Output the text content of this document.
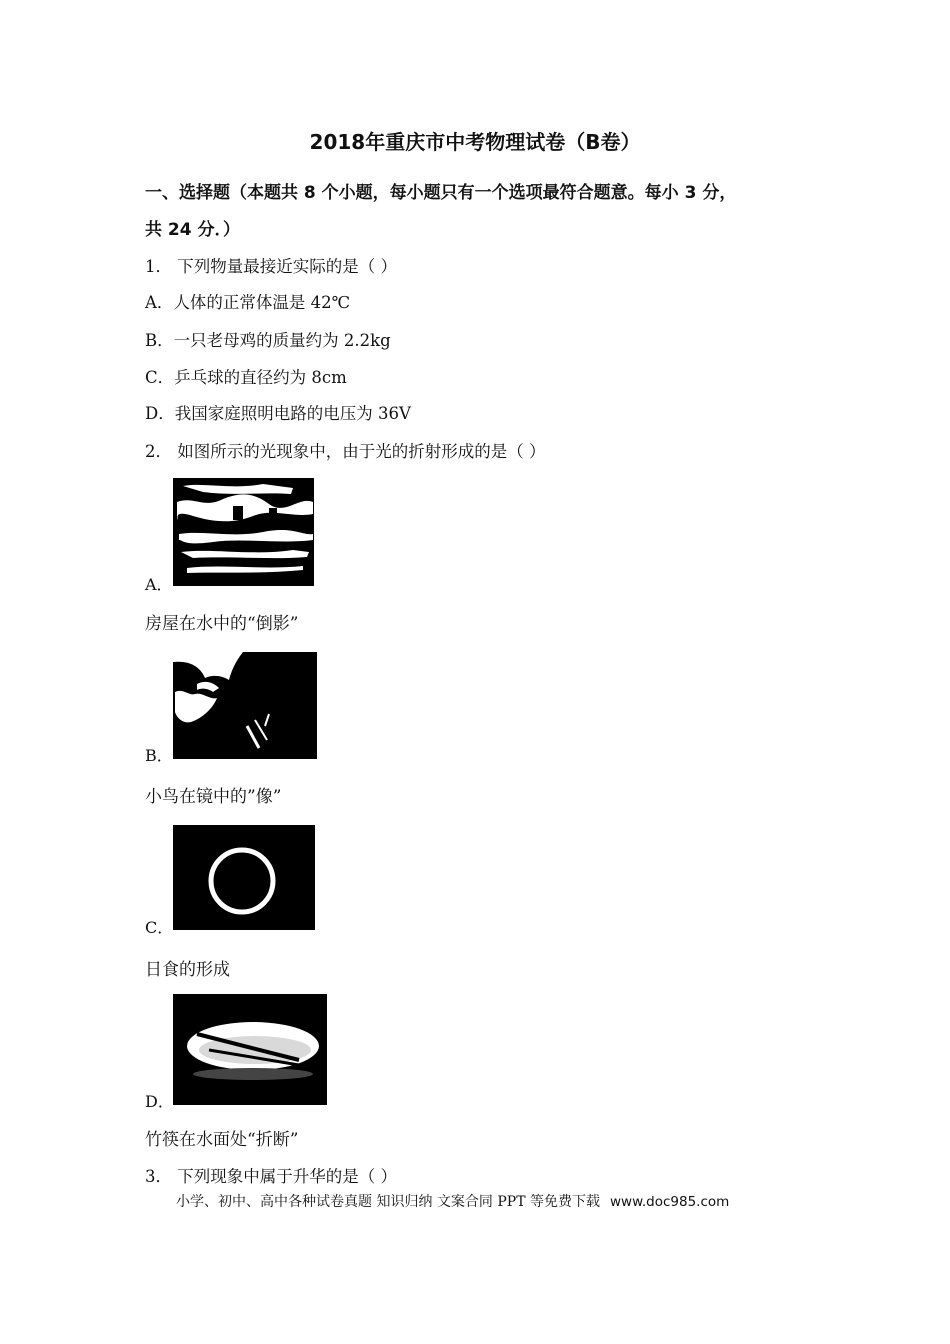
2018年重庆市中考物理试卷（B卷）
一、选择题（本题共 8 个小题，每小题只有一个选项最符合题意。每小 3 分，
共 24 分．）
1． 下列物量最接近实际的是（ ）
A．人体的正常体温是 42℃
B．一只老母鸡的质量约为 2.2kg
C．乒乓球的直径约为 8cm
D．我国家庭照明电路的电压为 36V
2． 如图所示的光现象中，由于光的折射形成的是（ ）
A．
房屋在水中的“倒影”
B．
小鸟在镜中的”像”
C．
日食的形成
D．
竹筷在水面处“折断”
3． 下列现象中属于升华的是（ ）
小学、初中、高中各种试卷真题 知识归纳 文案合同 PPT 等免费下载 www.doc985.com
